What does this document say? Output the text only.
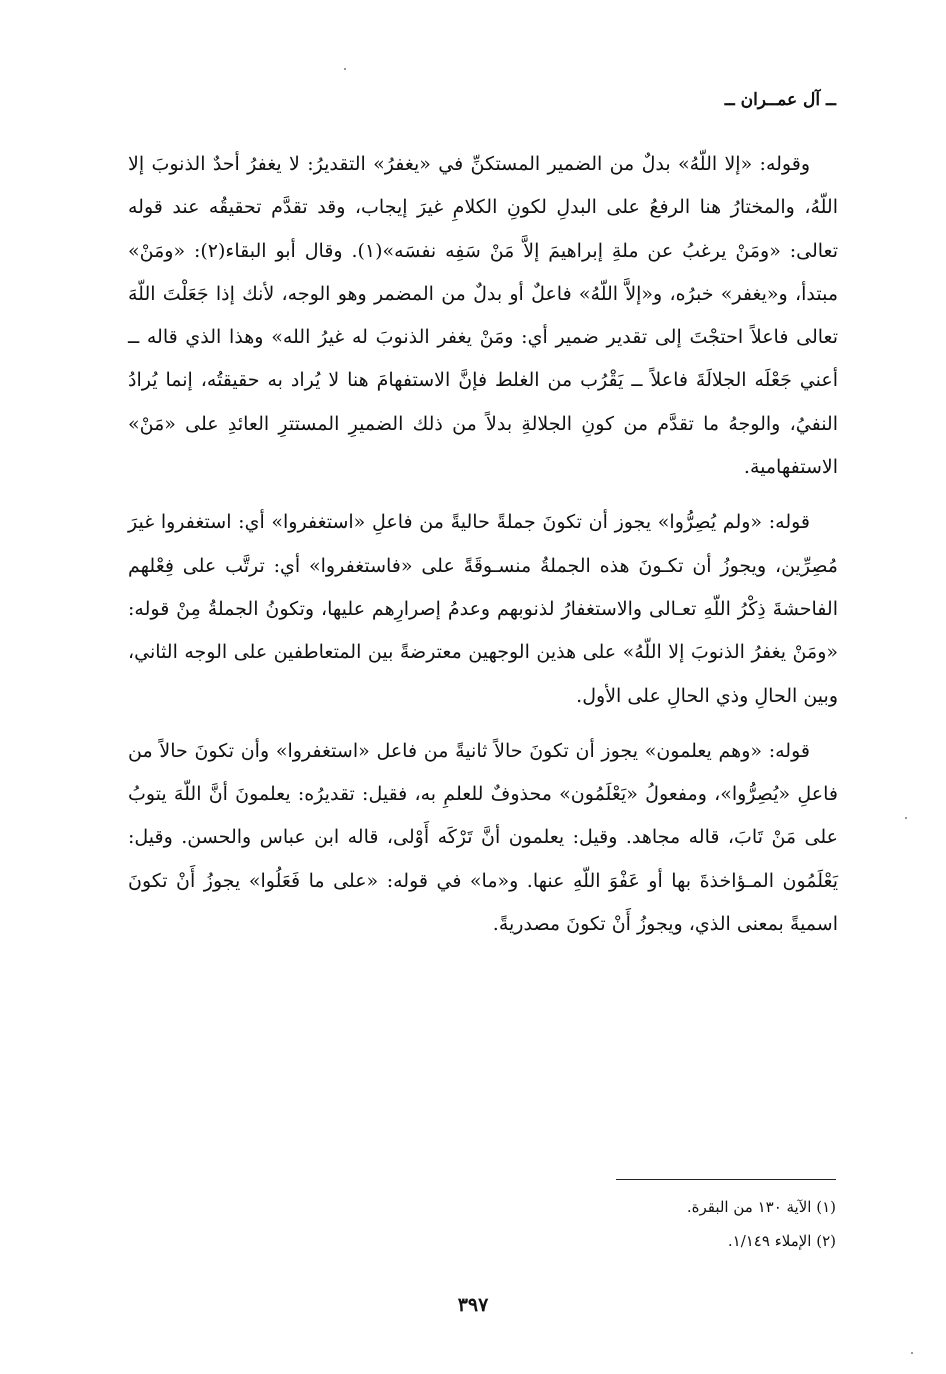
ــ آل عمــران ــ

وقوله: «إلا اللّهُ» بدلٌ من الضمير المستكنِّ في «يغفرُ» التقديرُ: لا يغفرُ أحدٌ الذنوبَ إلا اللّهُ، والمختارُ هنا الرفعُ على البدلِ لكونِ الكلامِ غيرَ إيجاب، وقد تقدَّم تحقيقُه عند قوله تعالى: «ومَنْ يرغبُ عن ملةِ إبراهيمَ إلاَّ مَنْ سَفِه نفسَه»(١). وقال أبو البقاء(٢): «ومَنْ» مبتدأ، و«يغفر» خبرُه، و«إلاَّ اللّهُ» فاعلٌ أو بدلٌ من المضمر وهو الوجه، لأنك إذا جَعَلْتَ اللّهَ تعالى فاعلاً احتجْتَ إلى تقدير ضمير أي: ومَنْ يغفر الذنوبَ له غيرُ الله» وهذا الذي قاله ــ أعني جَعْلَه الجلالَةَ فاعلاً ــ يَقْرُب من الغلط فإنَّ الاستفهامَ هنا لا يُراد به حقيقتُه، إنما يُرادُ النفيُ، والوجهُ ما تقدَّم من كونِ الجلالةِ بدلاً من ذلك الضميرِ المستترِ العائدِ على «مَنْ» الاستفهامية.

قوله: «ولم يُصِرُّوا» يجوز أن تكونَ جملةً حاليةً من فاعلِ «استغفروا» أي: استغفروا غيرَ مُصِرِّين، ويجوزُ أن تكـونَ هذه الجملةُ منسـوقَةً على «فاستغفروا» أي: ترتَّب على فِعْلهم الفاحشةَ ذِكْرُ اللّهِ تعـالى والاستغفارُ لذنوبهم وعدمُ إصرارِهم عليها، وتكونُ الجملةُ مِنْ قوله: «ومَنْ يغفرُ الذنوبَ إلا اللّهُ» على هذين الوجهين معترضةً بين المتعاطفين على الوجه الثاني، وبين الحالِ وذي الحالِ على الأول.

قوله: «وهم يعلمون» يجوز أن تكونَ حالاً ثانيةً من فاعل «استغفروا» وأن تكونَ حالاً من فاعلِ «يُصِرُّوا»، ومفعولُ «يَعْلَمُون» محذوفٌ للعلمِ به، فقيل: تقديرُه: يعلمونَ أنَّ اللّهَ يتوبُ على مَنْ تَابَ، قاله مجاهد. وقيل: يعلمون أنَّ تَرْكَه أَوْلى، قاله ابن عباس والحسن. وقيل: يَعْلَمُون المـؤاخذةَ بها أو عَفْوَ اللّهِ عنها. و«ما» في قوله: «على ما فَعَلُوا» يجوزُ أَنْ تكونَ اسميةً بمعنى الذي، ويجوزُ أَنْ تكونَ مصدريةً.

(١) الآية ١٣٠ من البقرة.
(٢) الإملاء ١/١٤٩.
٣٩٧
